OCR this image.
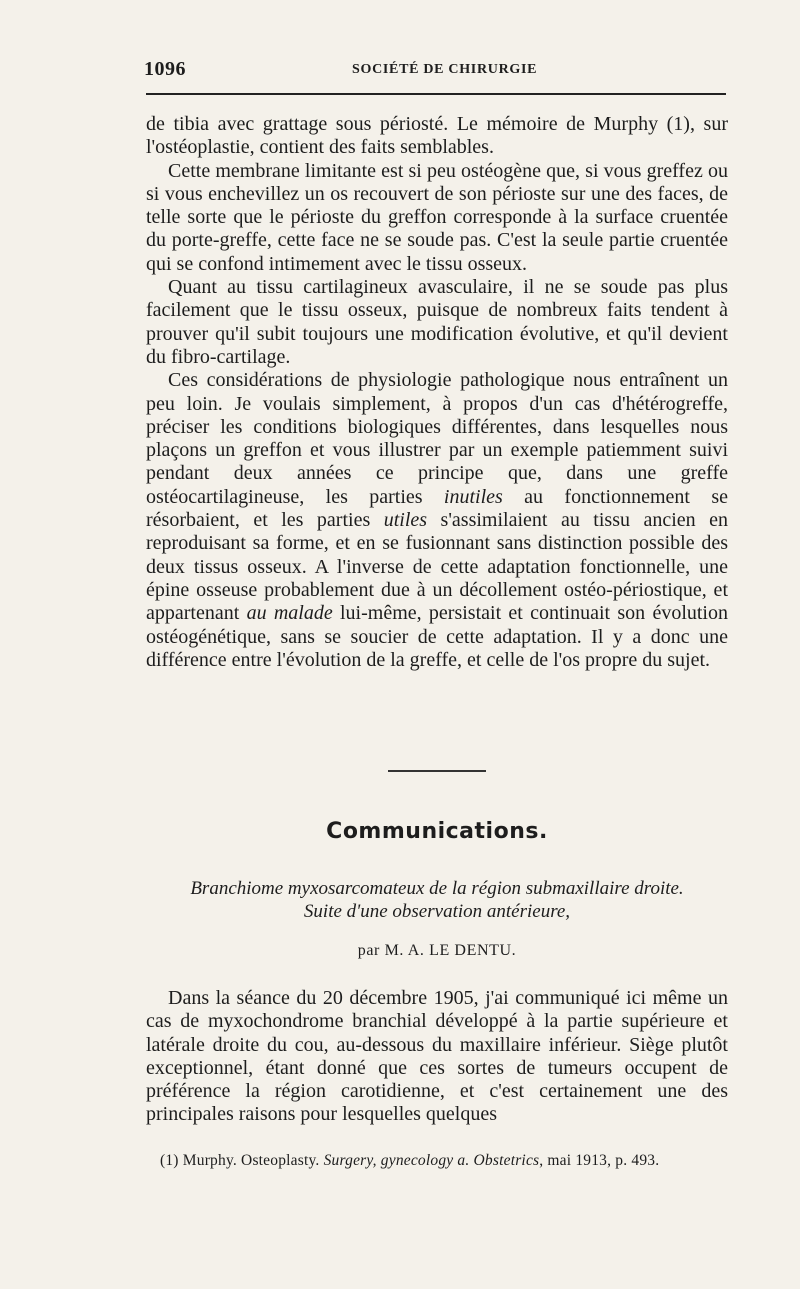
1096	SOCIÉTÉ DE CHIRURGIE

de tibia avec grattage sous périosté. Le mémoire de Murphy (1), sur l'ostéoplastie, contient des faits semblables.

Cette membrane limitante est si peu ostéogène que, si vous greffez ou si vous enchevillez un os recouvert de son périoste sur une des faces, de telle sorte que le périoste du greffon corresponde à la surface cruentée du porte-greffe, cette face ne se soude pas. C'est la seule partie cruentée qui se confond intimement avec le tissu osseux.

Quant au tissu cartilagineux avasculaire, il ne se soude pas plus facilement que le tissu osseux, puisque de nombreux faits tendent à prouver qu'il subit toujours une modification évolutive, et qu'il devient du fibro-cartilage.

Ces considérations de physiologie pathologique nous entraînent un peu loin. Je voulais simplement, à propos d'un cas d'hétérogreffe, préciser les conditions biologiques différentes, dans lesquelles nous plaçons un greffon et vous illustrer par un exemple patiemment suivi pendant deux années ce principe que, dans une greffe ostéocartilagineuse, les parties inutiles au fonctionnement se résorbaient, et les parties utiles s'assimilaient au tissu ancien en reproduisant sa forme, et en se fusionnant sans distinction possible des deux tissus osseux. A l'inverse de cette adaptation fonctionnelle, une épine osseuse probablement due à un décollement ostéo-périostique, et appartenant au malade lui-même, persistait et continuait son évolution ostéogénétique, sans se soucier de cette adaptation. Il y a donc une différence entre l'évolution de la greffe, et celle de l'os propre du sujet.

Communications.
Branchiome myxosarcomateux de la région submaxillaire droite.
Suite d'une observation antérieure,
par M. A. LE DENTU.

Dans la séance du 20 décembre 1905, j'ai communiqué ici même un cas de myxochondrome branchial développé à la partie supérieure et latérale droite du cou, au-dessous du maxillaire inférieur. Siège plutôt exceptionnel, étant donné que ces sortes de tumeurs occupent de préférence la région carotidienne, et c'est certainement une des principales raisons pour lesquelles quelques

(1) Murphy. Osteoplasty. Surgery, gynecology a. Obstetrics, mai 1913, p. 493.
